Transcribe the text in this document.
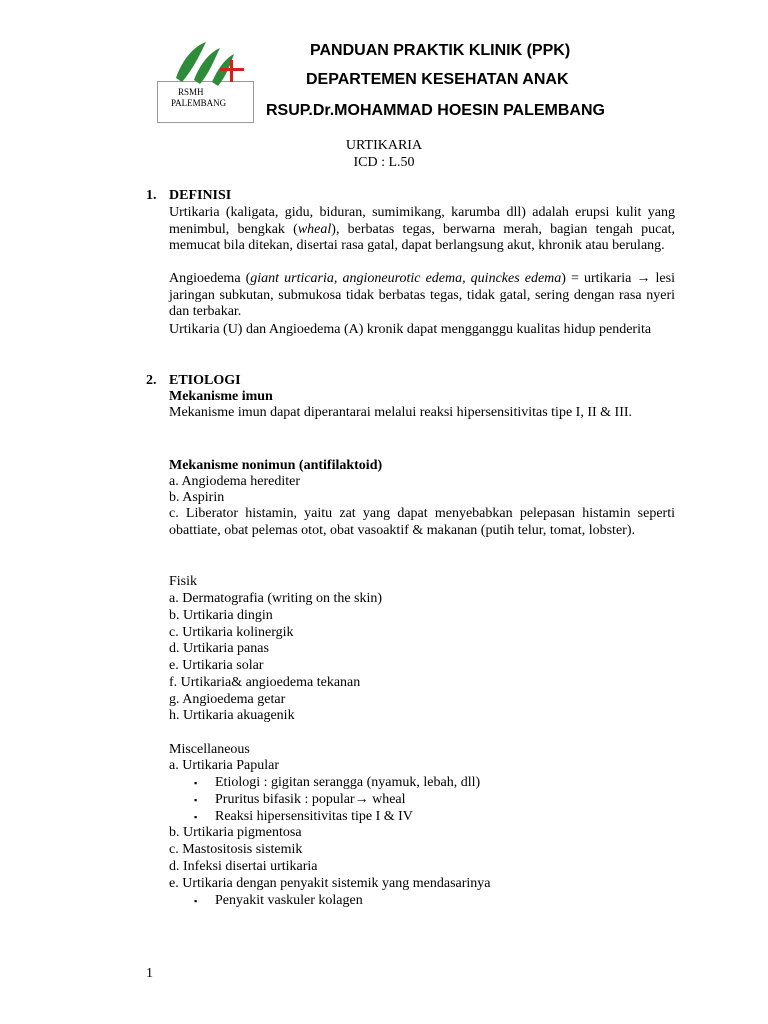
RSMH
PALEMBANG
PANDUAN PRAKTIK KLINIK (PPK)
DEPARTEMEN KESEHATAN ANAK
RSUP.Dr.MOHAMMAD HOESIN PALEMBANG
URTIKARIA
ICD : L.50
1. DEFINISI
Urtikaria (kaligata, gidu, biduran, sumimikang, karumba dll) adalah erupsi kulit yang menimbul, bengkak (wheal), berbatas tegas, berwarna merah, bagian tengah pucat, memucat bila ditekan, disertai rasa gatal, dapat berlangsung akut, khronik atau berulang.
Angioedema (giant urticaria, angioneurotic edema, quinckes edema) = urtikaria → lesi jaringan subkutan, submukosa tidak berbatas tegas, tidak gatal, sering dengan rasa nyeri dan terbakar.
Urtikaria (U) dan Angioedema (A) kronik dapat mengganggu kualitas hidup penderita
2. ETIOLOGI
Mekanisme imun
Mekanisme imun dapat diperantarai melalui reaksi hipersensitivitas tipe I, II & III.
Mekanisme nonimun (antifilaktoid)
a. Angiodema herediter
b. Aspirin
c. Liberator histamin, yaitu zat yang dapat menyebabkan pelepasan histamin seperti obattiate, obat pelemas otot, obat vasoaktif & makanan (putih telur, tomat, lobster).
Fisik
a. Dermatografia (writing on the skin)
b. Urtikaria dingin
c. Urtikaria kolinergik
d. Urtikaria panas
e. Urtikaria solar
f. Urtikaria& angioedema tekanan
g. Angioedema getar
h. Urtikaria akuagenik
Miscellaneous
a. Urtikaria Papular
▪ Etiologi : gigitan serangga (nyamuk, lebah, dll)
▪ Pruritus bifasik : popular→ wheal
▪ Reaksi hipersensitivitas tipe I & IV
b. Urtikaria pigmentosa
c. Mastositosis sistemik
d. Infeksi disertai urtikaria
e. Urtikaria dengan penyakit sistemik yang mendasarinya
▪ Penyakit vaskuler kolagen
1
